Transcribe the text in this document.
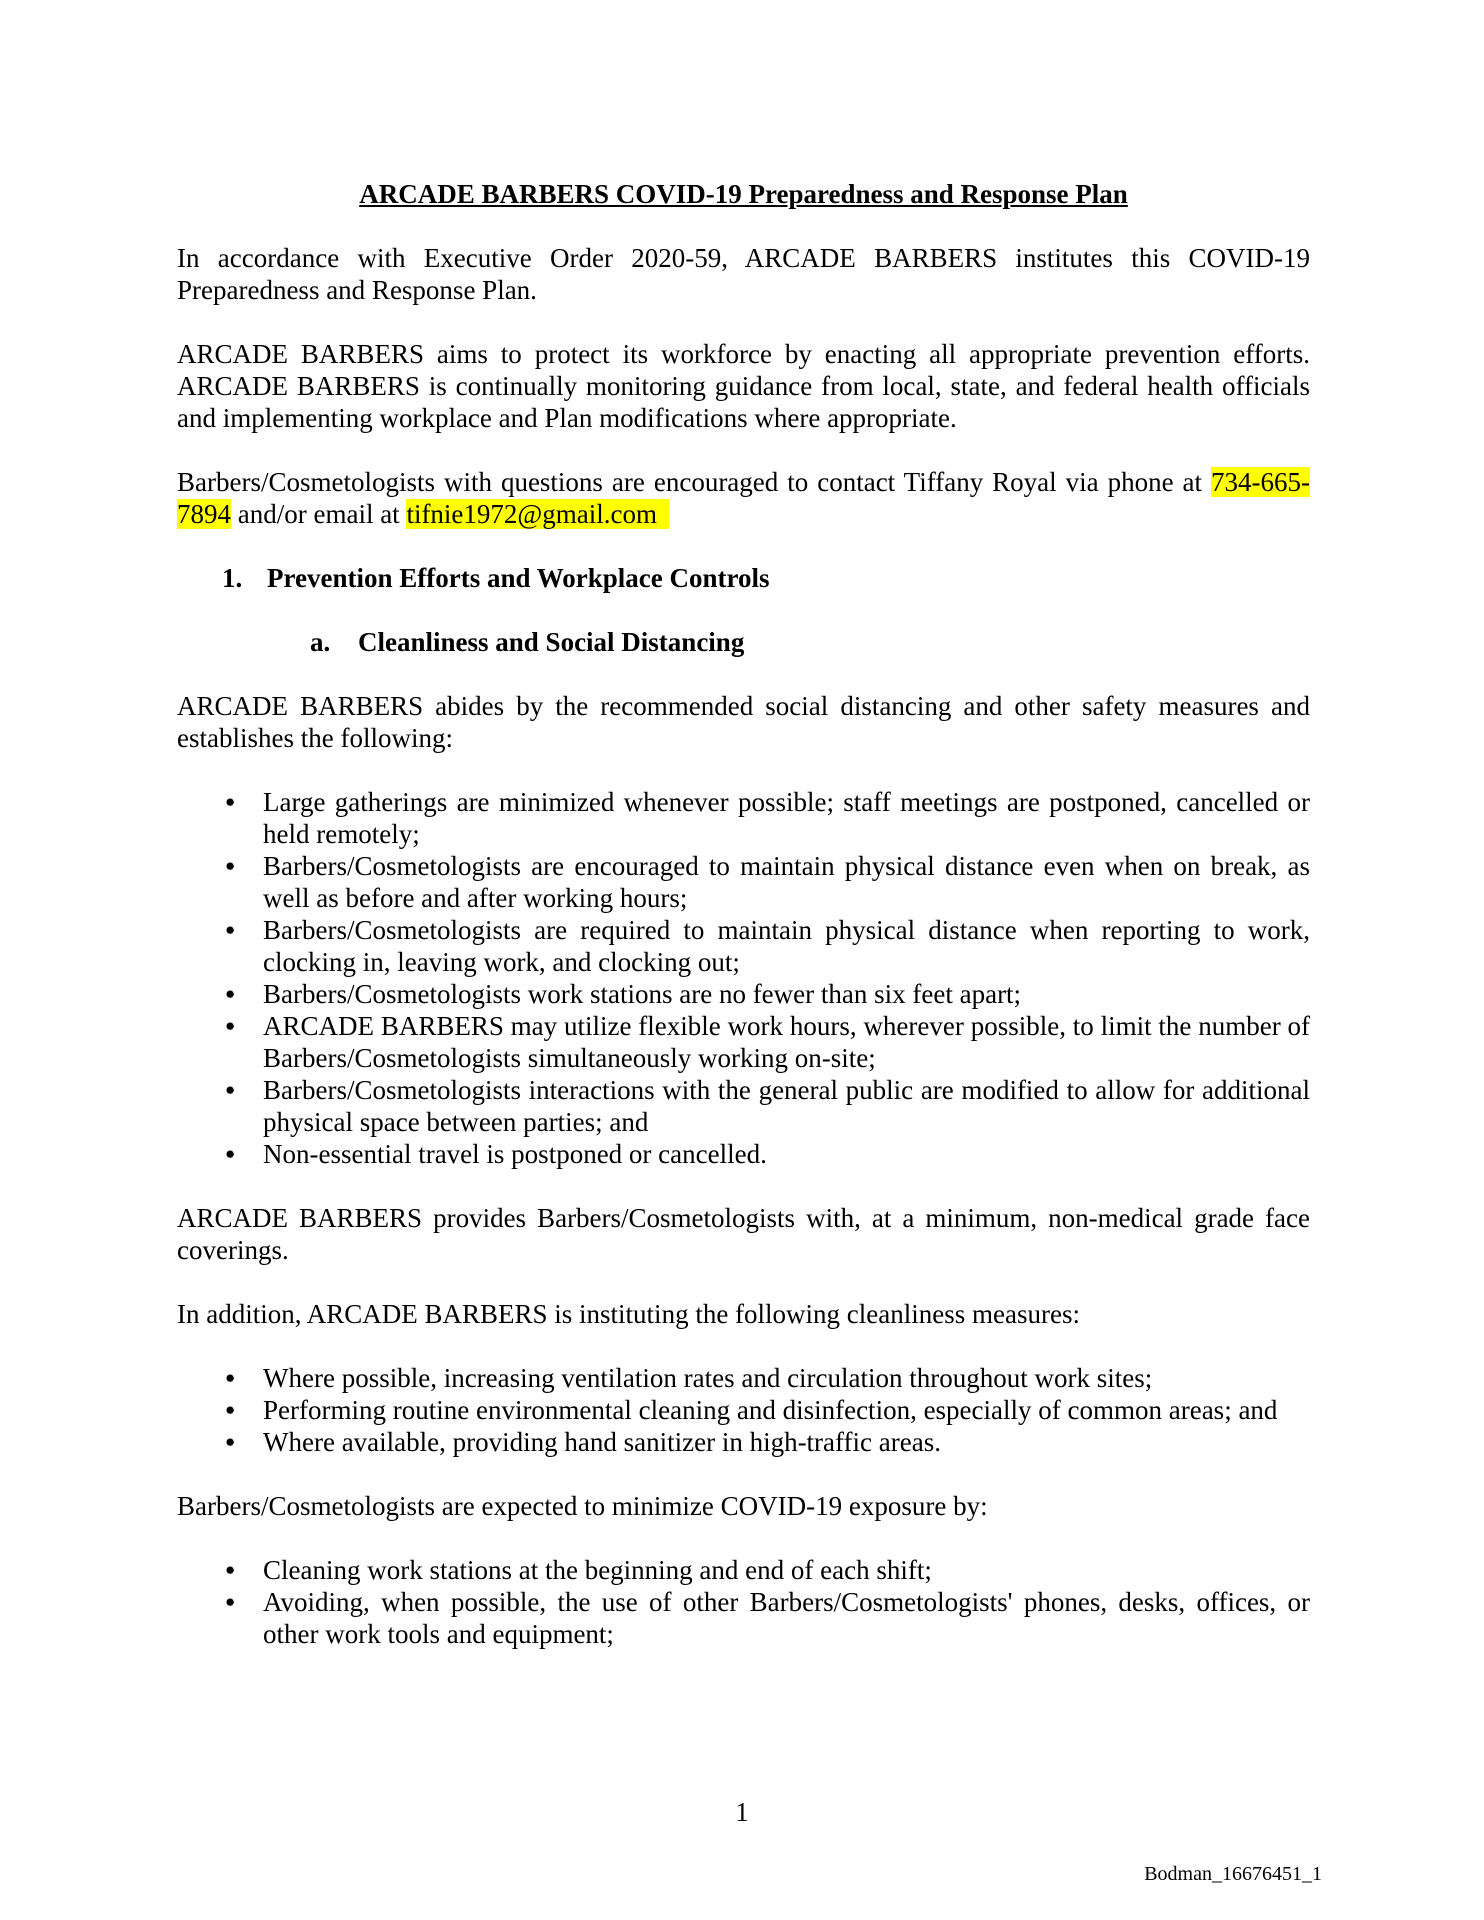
ARCADE BARBERS COVID-19 Preparedness and Response Plan

In accordance with Executive Order 2020-59, ARCADE BARBERS institutes this COVID-19 Preparedness and Response Plan.

ARCADE BARBERS aims to protect its workforce by enacting all appropriate prevention efforts. ARCADE BARBERS is continually monitoring guidance from local, state, and federal health officials and implementing workplace and Plan modifications where appropriate.

Barbers/Cosmetologists with questions are encouraged to contact Tiffany Royal via phone at 734-665-7894 and/or email at tifnie1972@gmail.com

1. Prevention Efforts and Workplace Controls
a. Cleanliness and Social Distancing

ARCADE BARBERS abides by the recommended social distancing and other safety measures and establishes the following:

● Large gatherings are minimized whenever possible; staff meetings are postponed, cancelled or held remotely;
● Barbers/Cosmetologists are encouraged to maintain physical distance even when on break, as well as before and after working hours;
● Barbers/Cosmetologists are required to maintain physical distance when reporting to work, clocking in, leaving work, and clocking out;
● Barbers/Cosmetologists work stations are no fewer than six feet apart;
● ARCADE BARBERS may utilize flexible work hours, wherever possible, to limit the number of Barbers/Cosmetologists simultaneously working on-site;
● Barbers/Cosmetologists interactions with the general public are modified to allow for additional physical space between parties; and
● Non-essential travel is postponed or cancelled.

ARCADE BARBERS provides Barbers/Cosmetologists with, at a minimum, non-medical grade face coverings.

In addition, ARCADE BARBERS is instituting the following cleanliness measures:

● Where possible, increasing ventilation rates and circulation throughout work sites;
● Performing routine environmental cleaning and disinfection, especially of common areas; and
● Where available, providing hand sanitizer in high-traffic areas.

Barbers/Cosmetologists are expected to minimize COVID-19 exposure by:

● Cleaning work stations at the beginning and end of each shift;
● Avoiding, when possible, the use of other Barbers/Cosmetologists' phones, desks, offices, or other work tools and equipment;
1
Bodman_16676451_1
